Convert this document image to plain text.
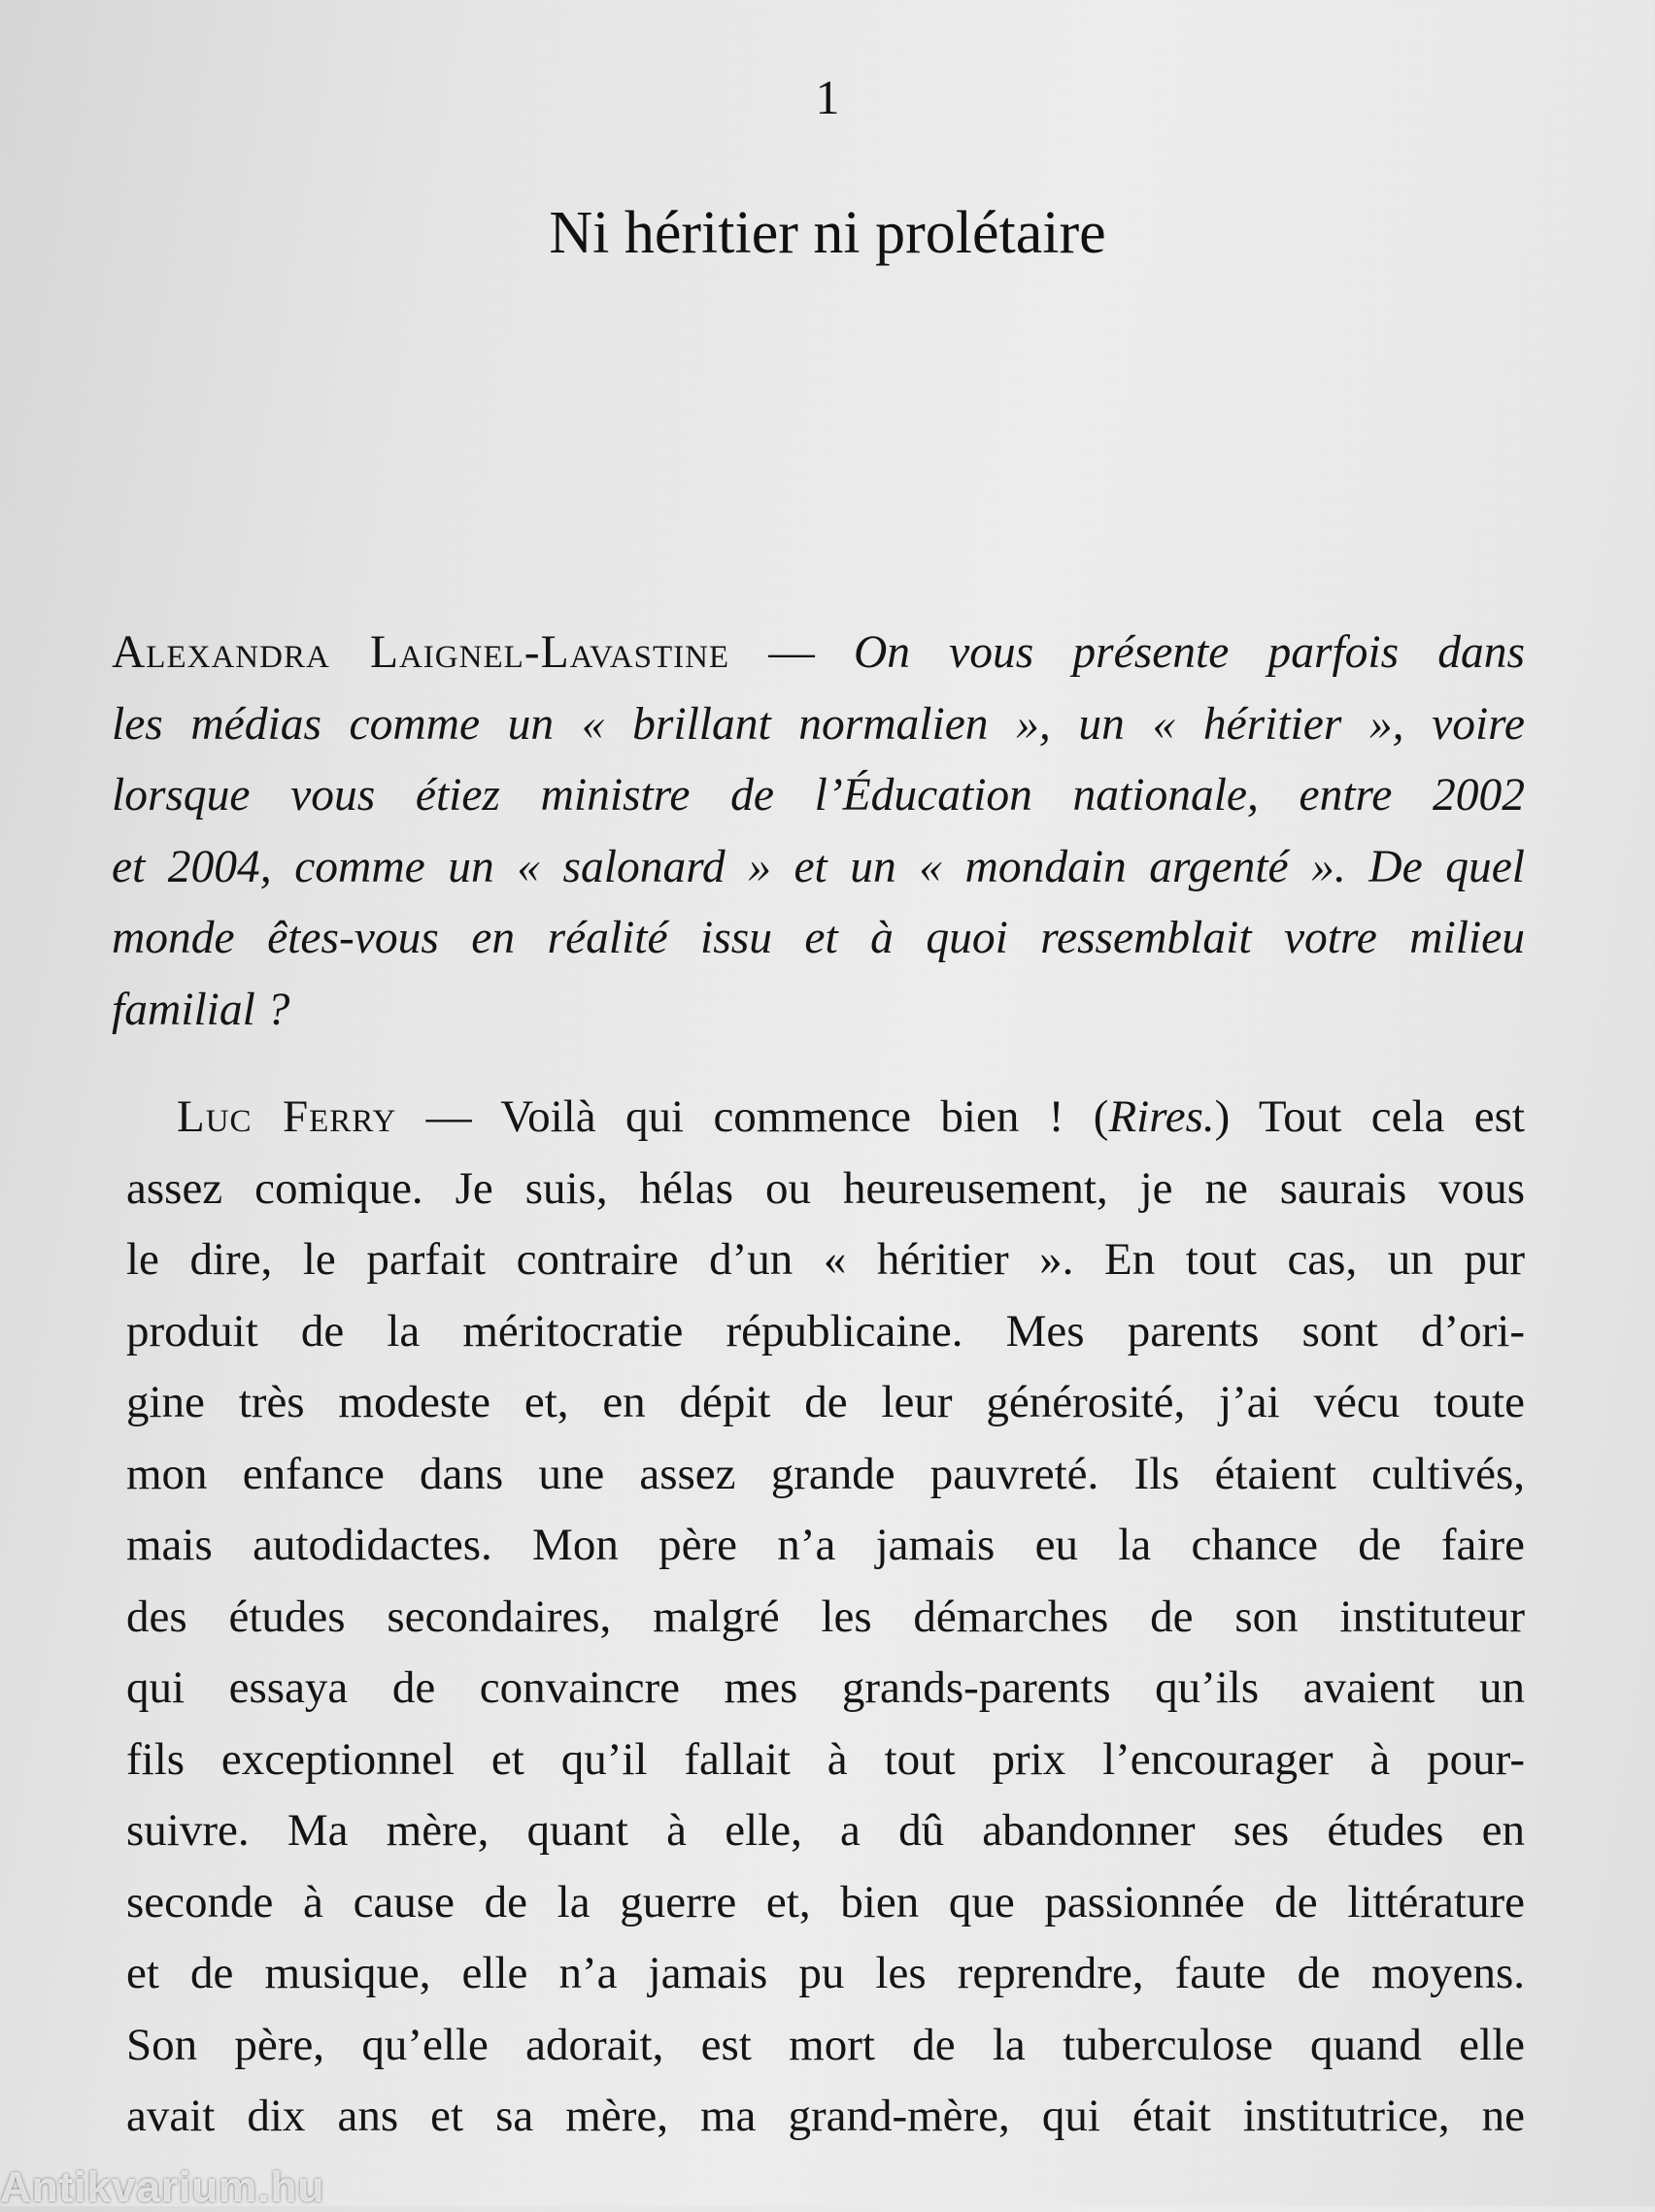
1
Ni héritier ni prolétaire
Alexandra Laignel-Lavastine — On vous présente parfois dans
les médias comme un « brillant normalien », un « héritier », voire
lorsque vous étiez ministre de l’Éducation nationale, entre 2002
et 2004, comme un « salonard » et un « mondain argenté ». De quel
monde êtes-vous en réalité issu et à quoi ressemblait votre milieu
familial ?
Luc Ferry — Voilà qui commence bien ! (Rires.) Tout cela est
assez comique. Je suis, hélas ou heureusement, je ne saurais vous
le dire, le parfait contraire d’un « héritier ». En tout cas, un pur
produit de la méritocratie républicaine. Mes parents sont d’ori-
gine très modeste et, en dépit de leur générosité, j’ai vécu toute
mon enfance dans une assez grande pauvreté. Ils étaient cultivés,
mais autodidactes. Mon père n’a jamais eu la chance de faire
des études secondaires, malgré les démarches de son instituteur
qui essaya de convaincre mes grands-parents qu’ils avaient un
fils exceptionnel et qu’il fallait à tout prix l’encourager à pour-
suivre. Ma mère, quant à elle, a dû abandonner ses études en
seconde à cause de la guerre et, bien que passionnée de littérature
et de musique, elle n’a jamais pu les reprendre, faute de moyens.
Son père, qu’elle adorait, est mort de la tuberculose quand elle
avait dix ans et sa mère, ma grand-mère, qui était institutrice, ne
Antikvarium.hu
